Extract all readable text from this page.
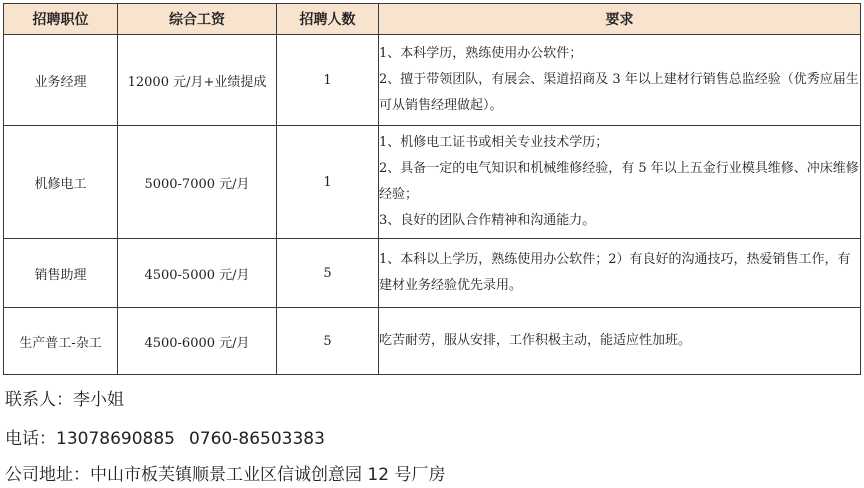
招聘职位	综合工资	招聘人数	要求
业务经理	12000 元/月+业绩提成	1	1、本科学历，熟练使用办公软件；

2、擅于带领团队，有展会、渠道招商及 3 年以上建材行销售总监经验（优秀应届生可从销售经理做起）。

机修电工	5000-7000 元/月	1	1、机修电工证书或相关专业技术学历；

2、具备一定的电气知识和机械维修经验，有 5 年以上五金行业模具维修、冲床维修经验；

3、良好的团队合作精神和沟通能力。

销售助理	4500-5000 元/月	5	1、本科以上学历，熟练使用办公软件；2）有良好的沟通技巧，热爱销售工作，有建材业务经验优先录用。

生产普工-杂工	4500-6000 元/月	5	吃苦耐劳，服从安排，工作积极主动，能适应性加班。

联系人：李小姐
电话：13078690885 0760-86503383
公司地址：中山市板芙镇顺景工业区信诚创意园 12 号厂房
